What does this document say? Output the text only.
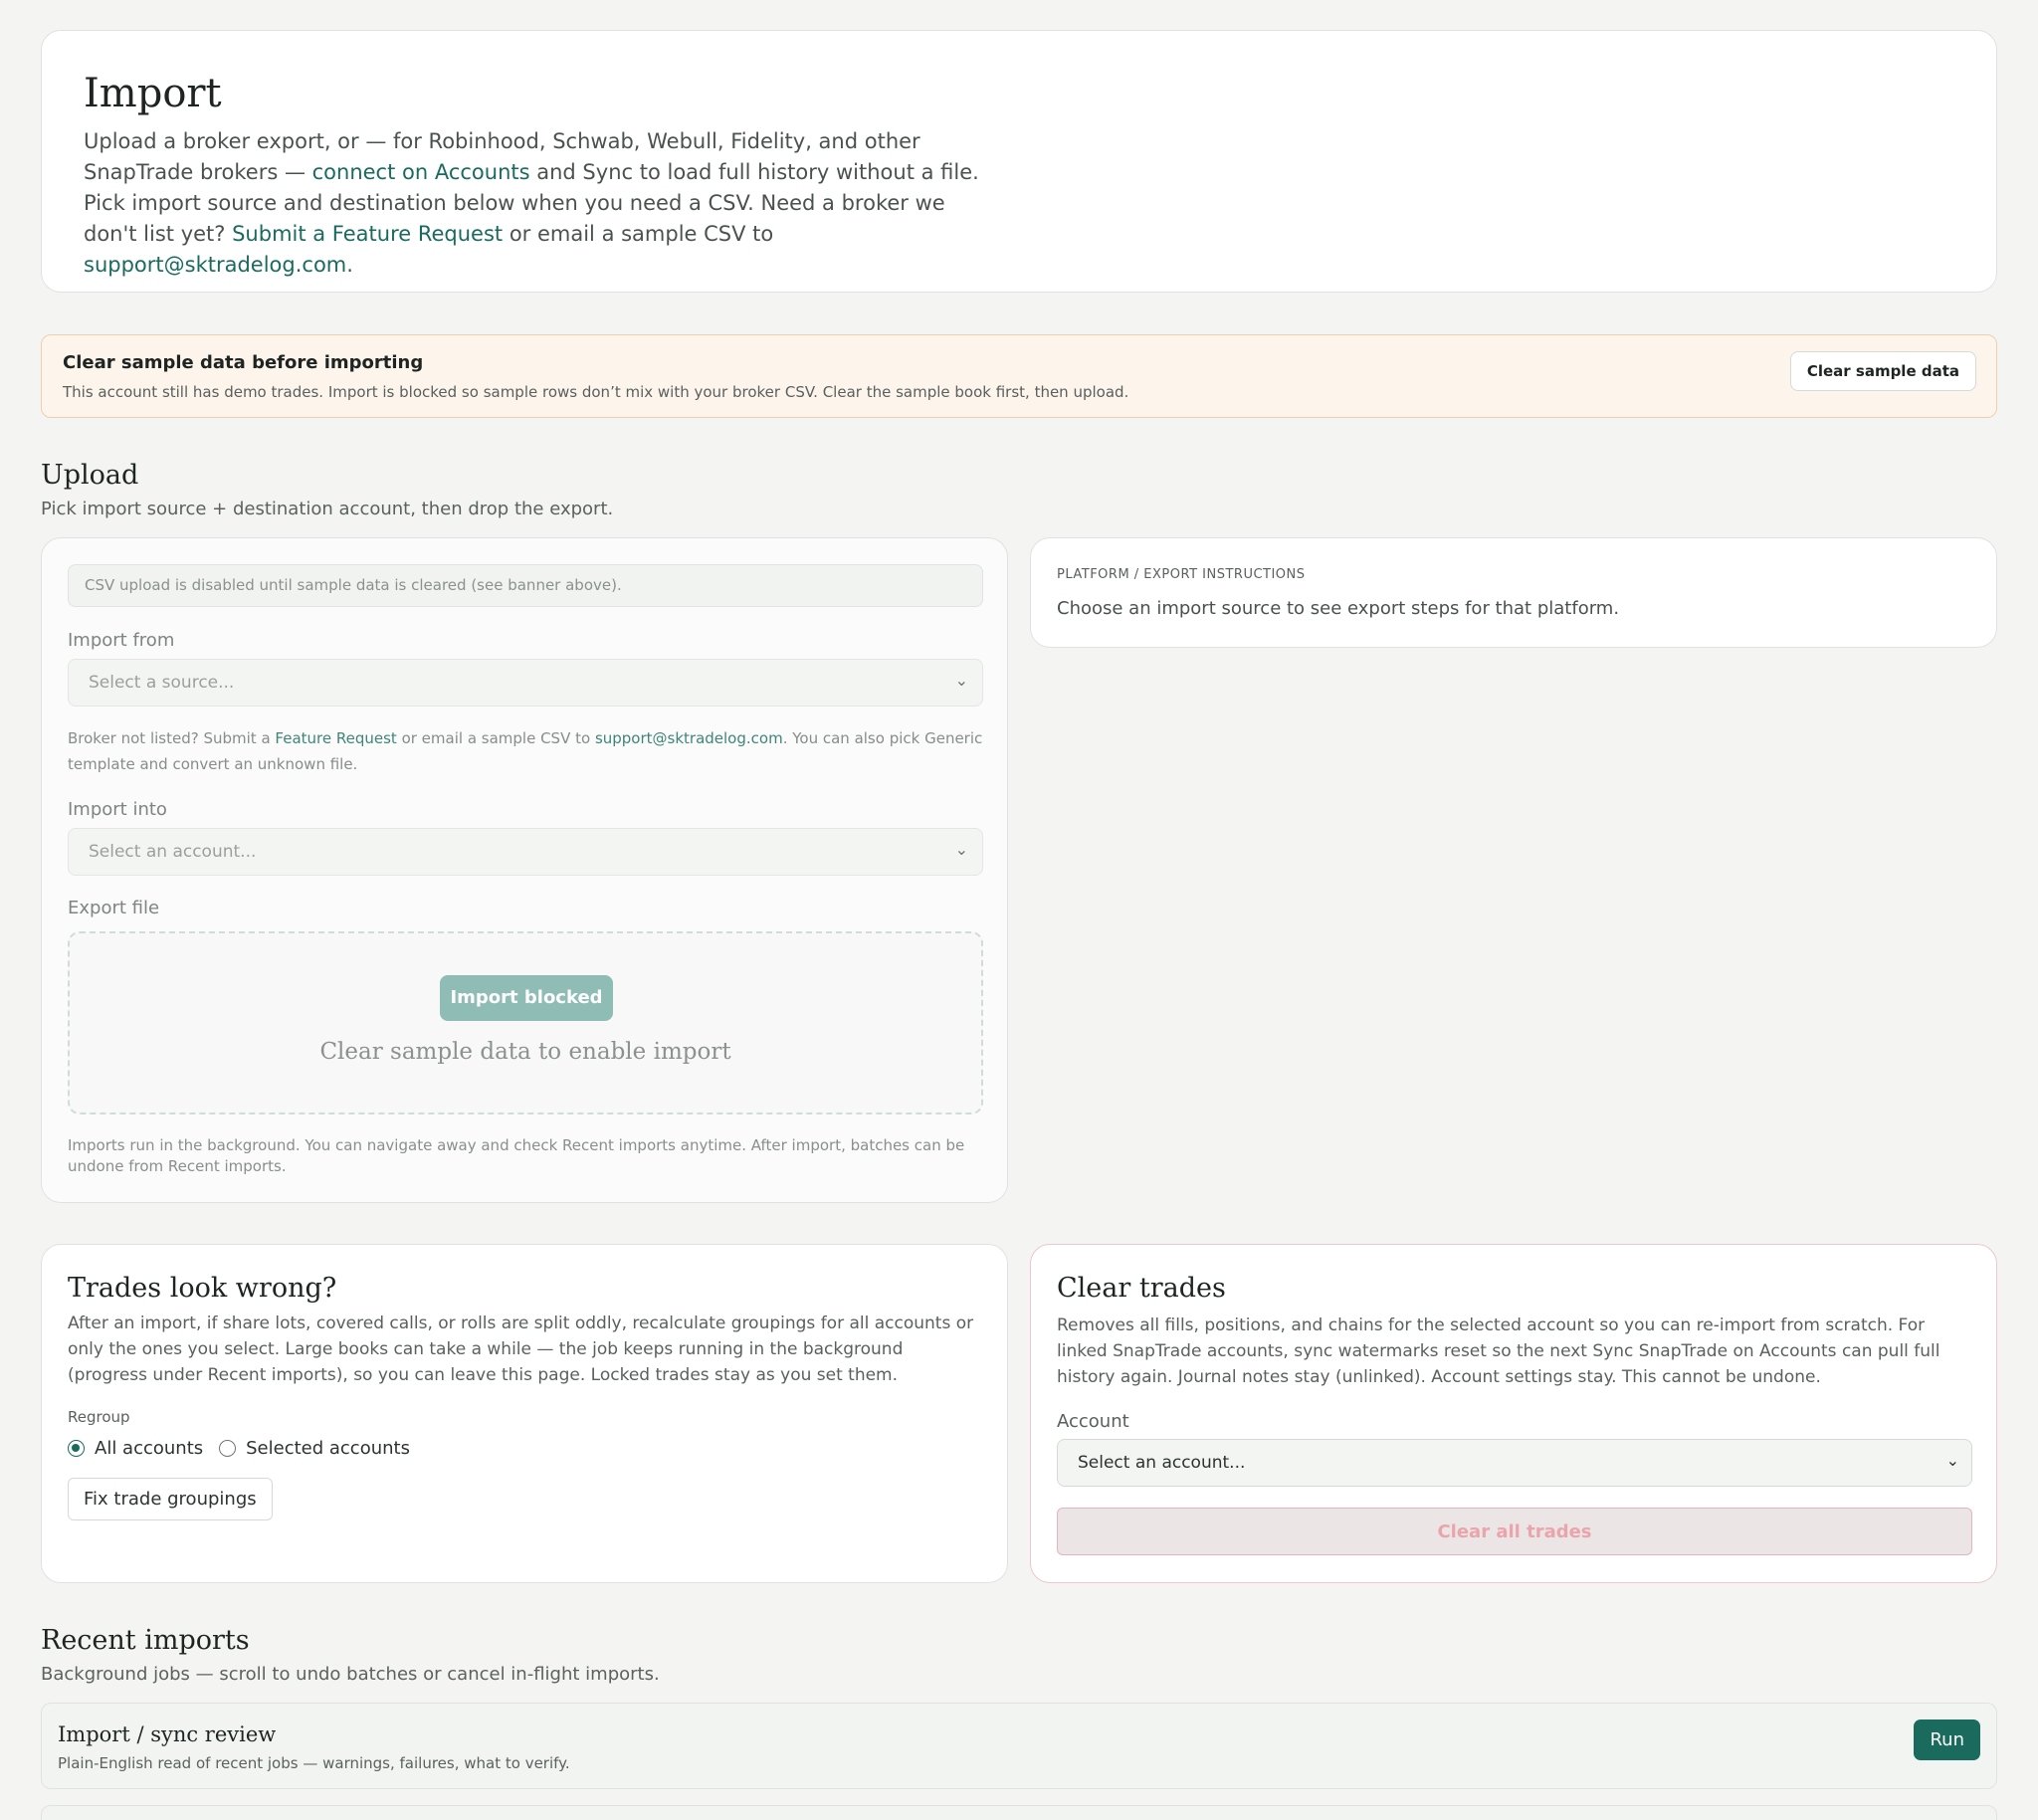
Import

Upload a broker export, or — for Robinhood, Schwab, Webull, Fidelity, and other SnapTrade brokers — connect on Accounts and Sync to load full history without a file. Pick import source and destination below when you need a CSV. Need a broker we don't list yet? Submit a Feature Request or email a sample CSV to support@sktradelog.com.

Clear sample data before importing
This account still has demo trades. Import is blocked so sample rows don’t mix with your broker CSV. Clear the sample book first, then upload.
Clear sample data
Upload
Pick import source + destination account, then drop the export.
CSV upload is disabled until sample data is cleared (see banner above).
Import from
Select a source...	⌄
Broker not listed? Submit a Feature Request or email a sample CSV to support@sktradelog.com. You can also pick Generic template and convert an unknown file.
Import into
Select an account...	⌄
Export file
Import blocked
Clear sample data to enable import
Imports run in the background. You can navigate away and check Recent imports anytime. After import, batches can be undone from Recent imports.
PLATFORM / EXPORT INSTRUCTIONS
Choose an import source to see export steps for that platform.
Trades look wrong?
After an import, if share lots, covered calls, or rolls are split oddly, recalculate groupings for all accounts or only the ones you select. Large books can take a while — the job keeps running in the background (progress under Recent imports), so you can leave this page. Locked trades stay as you set them.
Regroup
All accounts Selected accounts
Fix trade groupings
Clear trades
Removes all fills, positions, and chains for the selected account so you can re-import from scratch. For linked SnapTrade accounts, sync watermarks reset so the next Sync SnapTrade on Accounts can pull full history again. Journal notes stay (unlinked). Account settings stay. This cannot be undone.
Account
Select an account...	⌄
Clear all trades
Recent imports
Background jobs — scroll to undo batches or cancel in-flight imports.
Import / sync review
Plain-English read of recent jobs — warnings, failures, what to verify.
Run
